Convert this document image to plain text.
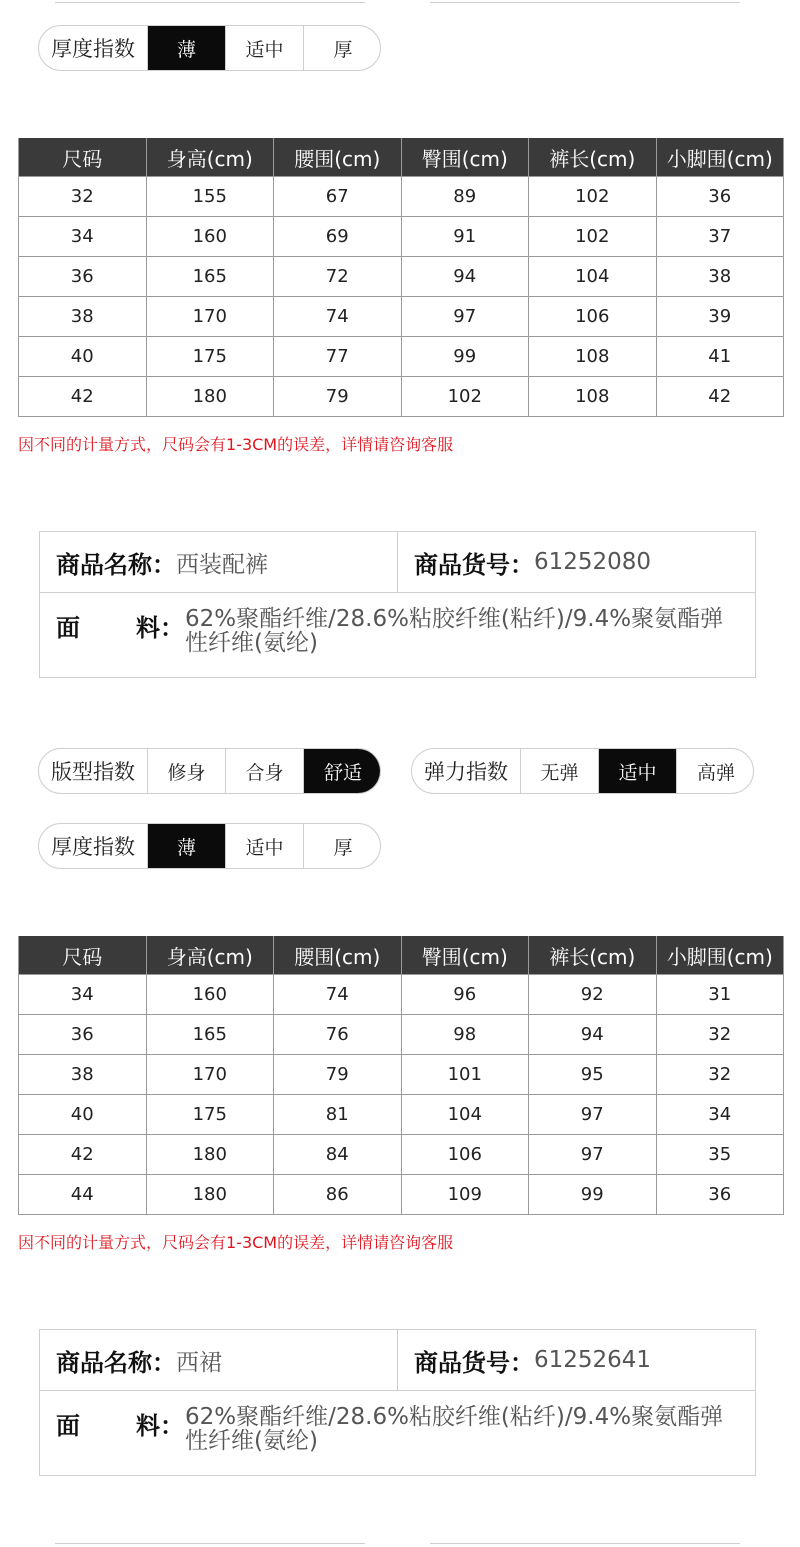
厚度指数	薄	适中	厚
尺码	身高(cm)	腰围(cm)	臀围(cm)	裤长(cm)	小脚围(cm)
32	155	67	89	102	36
34	160	69	91	102	37
36	165	72	94	104	38
38	170	74	97	106	39
40	175	77	99	108	41
42	180	79	102	108	42
因不同的计量方式，尺码会有1-3CM的误差，详情请咨询客服
商品名称： 西装配裤	商品货号： 61252080
面 料： 62%聚酯纤维/28.6%粘胶纤维(粘纤)/9.4%聚氨酯弹性纤维(氨纶)
版型指数	修身	合身	舒适	弹力指数	无弹	适中	高弹
厚度指数	薄	适中	厚
尺码	身高(cm)	腰围(cm)	臀围(cm)	裤长(cm)	小脚围(cm)
34	160	74	96	92	31
36	165	76	98	94	32
38	170	79	101	95	32
40	175	81	104	97	34
42	180	84	106	97	35
44	180	86	109	99	36
因不同的计量方式，尺码会有1-3CM的误差，详情请咨询客服
商品名称： 西裙	商品货号： 61252641
面 料： 62%聚酯纤维/28.6%粘胶纤维(粘纤)/9.4%聚氨酯弹性纤维(氨纶)
